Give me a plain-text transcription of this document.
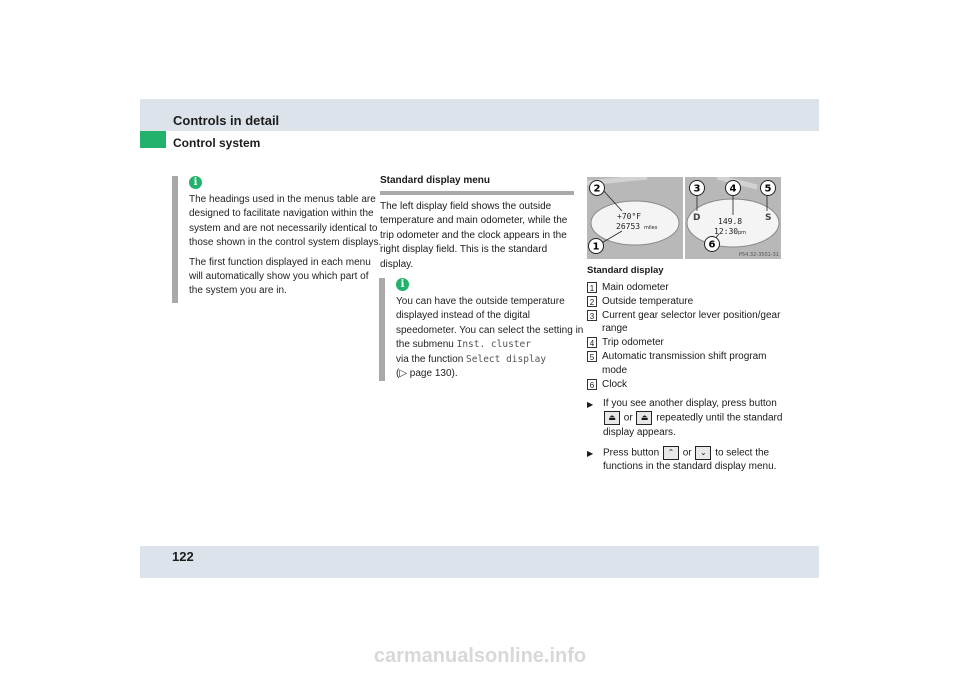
Controls in detail
Control system
i

The headings used in the menus table are designed to facilitate navigation within the system and are not necessarily identical to those shown in the control system displays.

The first function displayed in each menu will automatically show you which part of the system you are in.

Standard display menu

The left display field shows the outside temperature and main odometer, while the trip odometer and the clock appears in the right display field. This is the standard display.

i
You can have the outside temperature displayed instead of the digital speedometer. You can select the setting in the submenu Inst. cluster
via the function Select display
(▷ page 130).
+70°F
26753 miles
149.8
12:30 pm
D	S
2
1
3	4	5
6
P54.32-3501-31
Standard display
1 Main odometer
2 Outside temperature
3 Current gear selector lever position/gear range
4 Trip odometer
5 Automatic transmission shift program mode
6 Clock
▶ If you see another display, press button ⏏ or ⏏ repeatedly until the standard display appears.
▶ Press button ⌃ or ⌄ to select the functions in the standard display menu.
122
carmanualsonline.info
